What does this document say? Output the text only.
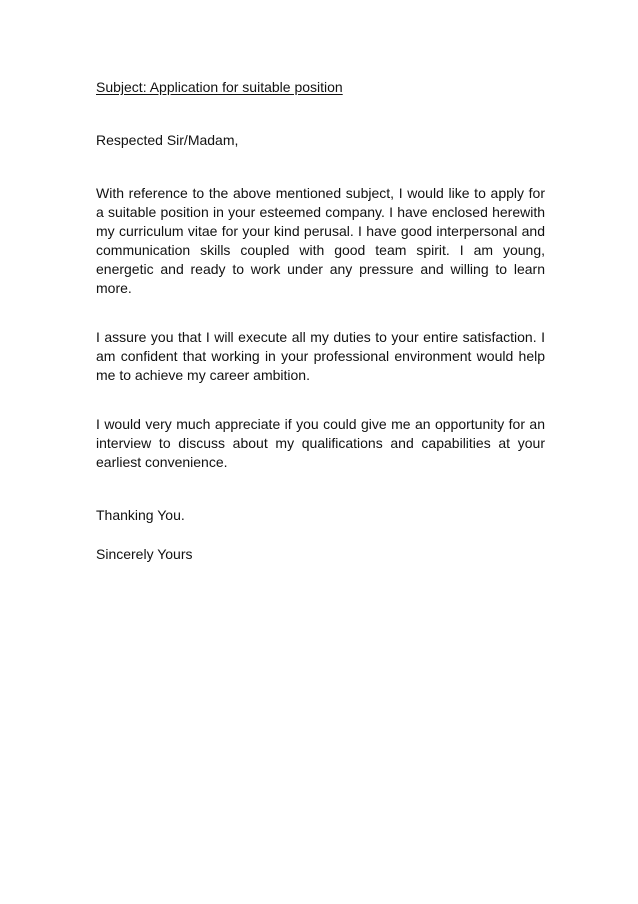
Subject: Application for suitable position

Respected Sir/Madam,

With reference to the above mentioned subject, I would like to apply for a suitable position in your esteemed company. I have enclosed herewith my curriculum vitae for your kind perusal. I have good interpersonal and communication skills coupled with good team spirit. I am young, energetic and ready to work under any pressure and willing to learn more.

I assure you that I will execute all my duties to your entire satisfaction. I am confident that working in your professional environment would help me to achieve my career ambition.

I would very much appreciate if you could give me an opportunity for an interview to discuss about my qualifications and capabilities at your earliest convenience.

Thanking You.

Sincerely Yours
